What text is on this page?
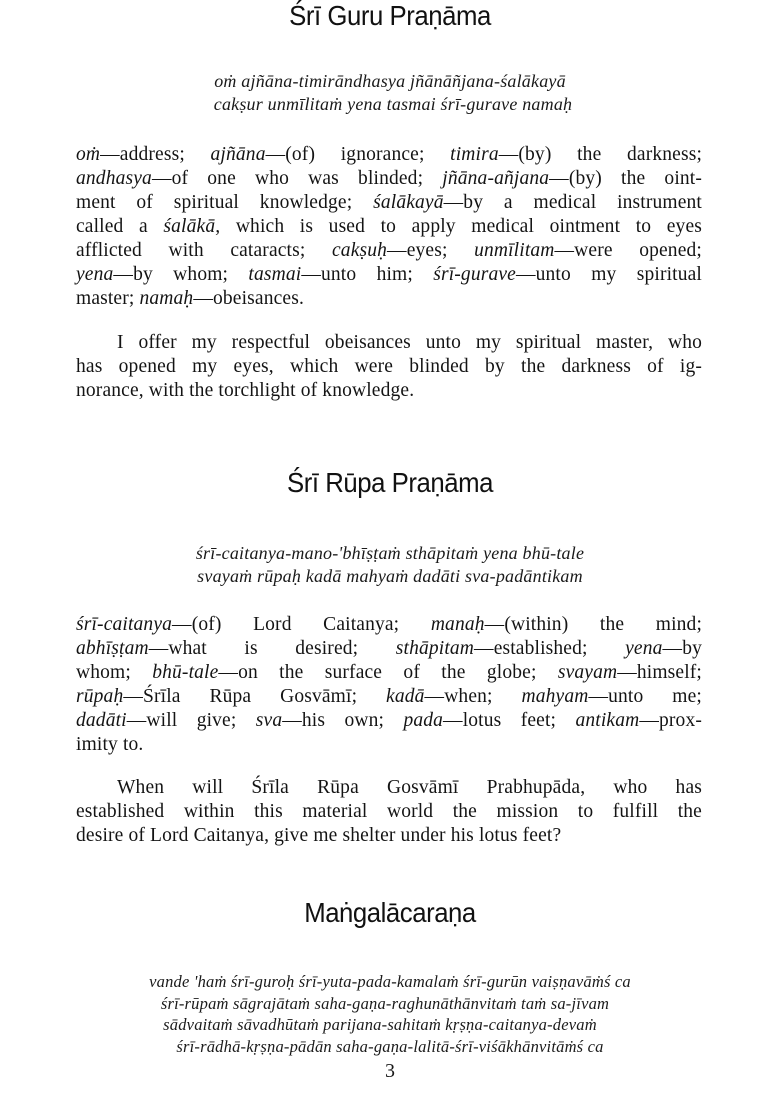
Śrī Guru Praṇāma
oṁ ajñāna-timirāndhasya jñānāñjana-śalākayā
cakṣur unmīlitaṁ yena tasmai śrī-gurave namaḥ
oṁ—address; ajñāna—(of) ignorance; timira—(by) the darkness;
andhasya—of one who was blinded; jñāna-añjana—(by) the oint-
ment of spiritual knowledge; śalākayā—by a medical instrument
called a śalākā, which is used to apply medical ointment to eyes
afflicted with cataracts; cakṣuḥ—eyes; unmīlitam—were opened;
yena—by whom; tasmai—unto him; śrī-gurave—unto my spiritual
master; namaḥ—obeisances.
I offer my respectful obeisances unto my spiritual master, who
has opened my eyes, which were blinded by the darkness of ig-
norance, with the torchlight of knowledge.
Śrī Rūpa Praṇāma
śrī-caitanya-mano-'bhīṣṭaṁ sthāpitaṁ yena bhū-tale
svayaṁ rūpaḥ kadā mahyaṁ dadāti sva-padāntikam
śrī-caitanya—(of) Lord Caitanya; manaḥ—(within) the mind;
abhīṣṭam—what is desired; sthāpitam—established; yena—by
whom; bhū-tale—on the surface of the globe; svayam—himself;
rūpaḥ—Śrīla Rūpa Gosvāmī; kadā—when; mahyam—unto me;
dadāti—will give; sva—his own; pada—lotus feet; antikam—prox-
imity to.
When will Śrīla Rūpa Gosvāmī Prabhupāda, who has
established within this material world the mission to fulfill the
desire of Lord Caitanya, give me shelter under his lotus feet?
Maṅgalācaraṇa
vande 'haṁ śrī-guroḥ śrī-yuta-pada-kamalaṁ śrī-gurūn vaiṣṇavāṁś ca
śrī-rūpaṁ sāgrajātaṁ saha-gaṇa-raghunāthānvitaṁ taṁ sa-jīvam
sādvaitaṁ sāvadhūtaṁ parijana-sahitaṁ kṛṣṇa-caitanya-devaṁ
śrī-rādhā-kṛṣṇa-pādān saha-gaṇa-lalitā-śrī-viśākhānvitāṁś ca
3
